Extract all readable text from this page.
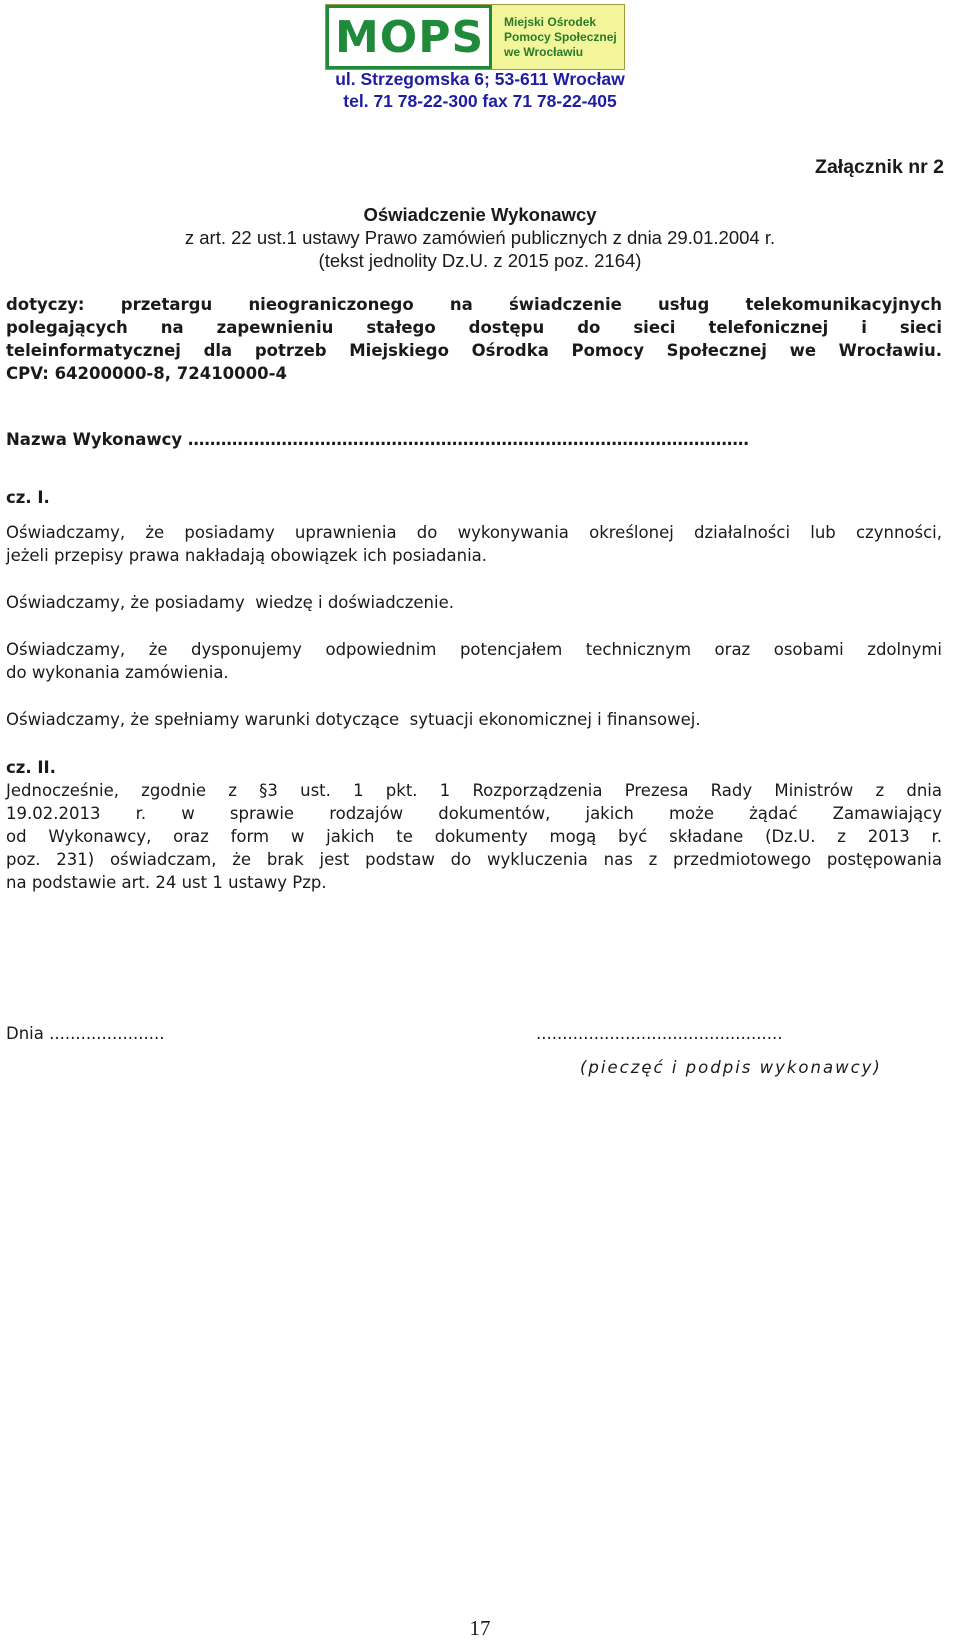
MOPS Miejski Ośrodek
Pomocy Społecznej
we Wrocławiu
ul. Strzegomska 6; 53-611 Wrocław
tel. 71 78-22-300 fax 71 78-22-405
Załącznik nr 2
Oświadczenie Wykonawcy
z art. 22 ust.1 ustawy Prawo zamówień publicznych z dnia 29.01.2004 r.
(tekst jednolity Dz.U. z 2015 poz. 2164)
dotyczy: przetargu nieograniczonego na świadczenie usług telekomunikacyjnych
polegających na zapewnieniu stałego dostępu do sieci telefonicznej i sieci
teleinformatycznej dla potrzeb Miejskiego Ośrodka Pomocy Społecznej we Wrocławiu.
CPV: 64200000-8, 72410000-4
Nazwa Wykonawcy …………………………………………………………………………………………
cz. I.
Oświadczamy, że posiadamy uprawnienia do wykonywania określonej działalności lub czynności,
jeżeli przepisy prawa nakładają obowiązek ich posiadania.
Oświadczamy, że posiadamy  wiedzę i doświadczenie.
Oświadczamy, że dysponujemy odpowiednim potencjałem technicznym oraz osobami zdolnymi
do wykonania zamówienia.
Oświadczamy, że spełniamy warunki dotyczące  sytuacji ekonomicznej i finansowej.
cz. II.
Jednocześnie, zgodnie z §3 ust. 1 pkt. 1 Rozporządzenia Prezesa Rady Ministrów z dnia
19.02.2013 r. w sprawie rodzajów dokumentów, jakich może żądać Zamawiający
od Wykonawcy, oraz form w jakich te dokumenty mogą być składane (Dz.U. z 2013 r.
poz. 231) oświadczam, że brak jest podstaw do wykluczenia nas z przedmiotowego postępowania
na podstawie art. 24 ust 1 ustawy Pzp.
Dnia ......................	...............................................
(pieczęć i podpis wykonawcy)
17
